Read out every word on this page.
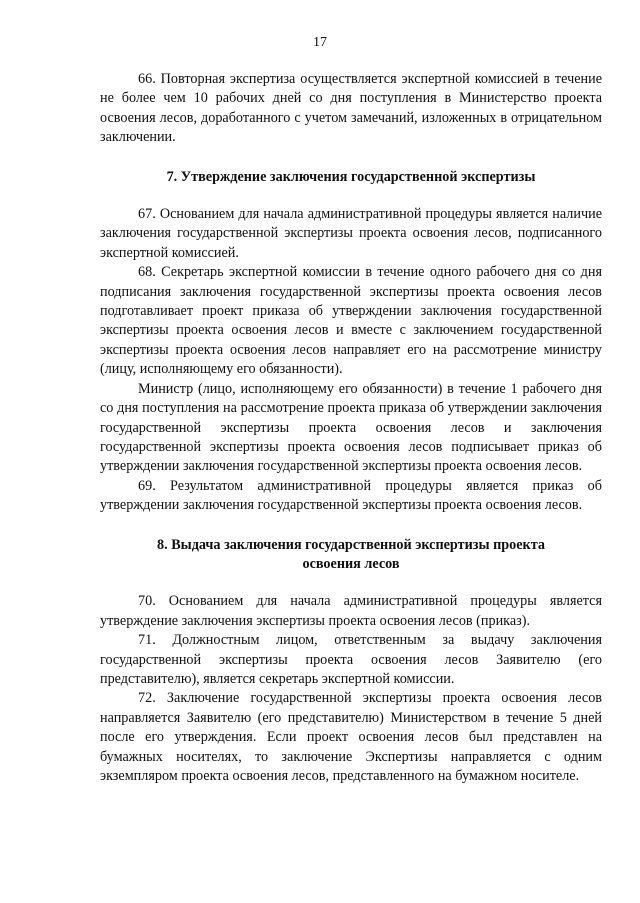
17

66. Повторная экспертиза осуществляется экспертной комиссией в течение не более чем 10 рабочих дней со дня поступления в Министерство проекта освоения лесов, доработанного с учетом замечаний, изложенных в отрицательном заключении.

7. Утверждение заключения государственной экспертизы

67. Основанием для начала административной процедуры является наличие заключения государственной экспертизы проекта освоения лесов, подписанного экспертной комиссией.

68. Секретарь экспертной комиссии в течение одного рабочего дня со дня подписания заключения государственной экспертизы проекта освоения лесов подготавливает проект приказа об утверждении заключения государственной экспертизы проекта освоения лесов и вместе с заключением государственной экспертизы проекта освоения лесов направляет его на рассмотрение министру (лицу, исполняющему его обязанности).

Министр (лицо, исполняющему его обязанности) в течение 1 рабочего дня со дня поступления на рассмотрение проекта приказа об утверждении заключения государственной экспертизы проекта освоения лесов и заключения государственной экспертизы проекта освоения лесов подписывает приказ об утверждении заключения государственной экспертизы проекта освоения лесов.

69. Результатом административной процедуры является приказ об утверждении заключения государственной экспертизы проекта освоения лесов.

8. Выдача заключения государственной экспертизы проекта освоения лесов

70. Основанием для начала административной процедуры является утверждение заключения экспертизы проекта освоения лесов (приказ).

71. Должностным лицом, ответственным за выдачу заключения государственной экспертизы проекта освоения лесов Заявителю (его представителю), является секретарь экспертной комиссии.

72. Заключение государственной экспертизы проекта освоения лесов направляется Заявителю (его представителю) Министерством в течение 5 дней после его утверждения. Если проект освоения лесов был представлен на бумажных носителях, то заключение Экспертизы направляется с одним экземпляром проекта освоения лесов, представленного на бумажном носителе.
